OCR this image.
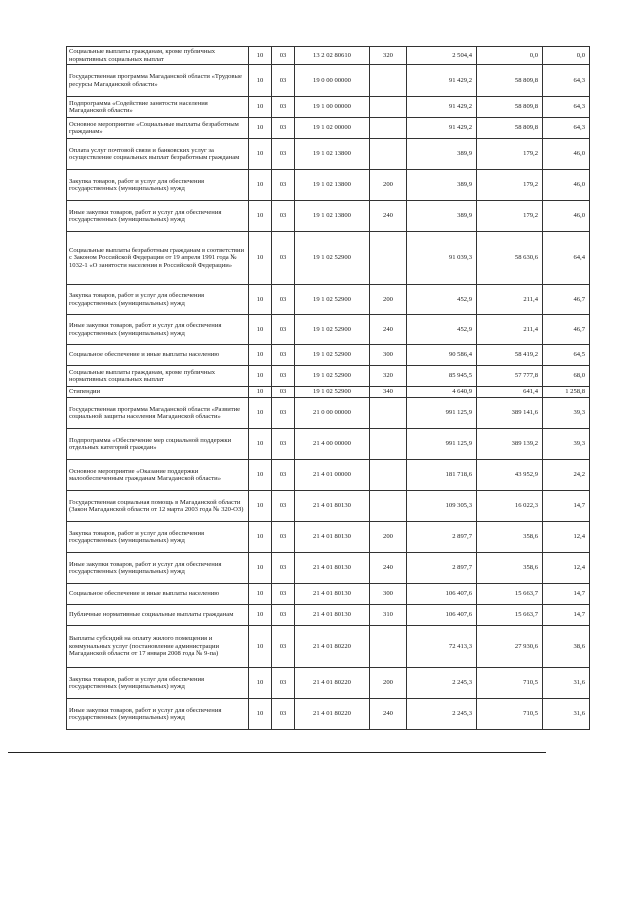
Социальные выплаты гражданам, кроме публичных нормативных социальных выплат	10	03	13 2 02 80610	320	2 504,4	0,0	0,0
Государственная программа Магаданской области «Трудовые ресурсы Магаданской области»	10	03	19 0 00 00000		91 429,2	58 809,8	64,3
Подпрограмма «Содействие занятости населения Магаданской области»	10	03	19 1 00 00000		91 429,2	58 809,8	64,3
Основное мероприятие «Социальные выплаты безработным гражданам»	10	03	19 1 02 00000		91 429,2	58 809,8	64,3
Оплата услуг почтовой связи и банковских услуг за осуществление социальных выплат безработным гражданам	10	03	19 1 02 13800		389,9	179,2	46,0
Закупка товаров, работ и услуг для обеспечения государственных (муниципальных) нужд	10	03	19 1 02 13800	200	389,9	179,2	46,0
Иные закупки товаров, работ и услуг для обеспечения государственных (муниципальных) нужд	10	03	19 1 02 13800	240	389,9	179,2	46,0
Социальные выплаты безработным гражданам в соответствии с Законом Российской Федерации от 19 апреля 1991 года № 1032-1 «О занятости населения в Российской Федерации»	10	03	19 1 02 52900		91 039,3	58 630,6	64,4
Закупка товаров, работ и услуг для обеспечения государственных (муниципальных) нужд	10	03	19 1 02 52900	200	452,9	211,4	46,7
Иные закупки товаров, работ и услуг для обеспечения государственных (муниципальных) нужд	10	03	19 1 02 52900	240	452,9	211,4	46,7
Социальное обеспечение и иные выплаты населению	10	03	19 1 02 52900	300	90 586,4	58 419,2	64,5
Социальные выплаты гражданам, кроме публичных нормативных социальных выплат	10	03	19 1 02 52900	320	85 945,5	57 777,8	68,0
Стипендии	10	03	19 1 02 52900	340	4 640,9	641,4	1 258,8
Государственная программа Магаданской области «Развитие социальной защиты населения Магаданской области»	10	03	21 0 00 00000		991 125,9	389 141,6	39,3
Подпрограмма «Обеспечение мер социальной поддержки отдельных категорий граждан»	10	03	21 4 00 00000		991 125,9	389 139,2	39,3
Основное мероприятие «Оказание поддержки малообеспеченным гражданам Магаданской области»	10	03	21 4 01 00000		181 718,6	43 952,9	24,2
Государственная социальная помощь в Магаданской области (Закон Магаданской области от 12 марта 2003 года № 320-ОЗ)	10	03	21 4 01 80130		109 305,3	16 022,3	14,7
Закупка товаров, работ и услуг для обеспечения государственных (муниципальных) нужд	10	03	21 4 01 80130	200	2 897,7	358,6	12,4
Иные закупки товаров, работ и услуг для обеспечения государственных (муниципальных) нужд	10	03	21 4 01 80130	240	2 897,7	358,6	12,4
Социальное обеспечение и иные выплаты населению	10	03	21 4 01 80130	300	106 407,6	15 663,7	14,7
Публичные нормативные социальные выплаты гражданам	10	03	21 4 01 80130	310	106 407,6	15 663,7	14,7
Выплаты субсидий на оплату жилого помещения и коммунальных услуг (постановление администрации Магаданской области от 17 января 2008 года № 9-па)	10	03	21 4 01 80220		72 413,3	27 930,6	38,6
Закупка товаров, работ и услуг для обеспечения государственных (муниципальных) нужд	10	03	21 4 01 80220	200	2 245,3	710,5	31,6
Иные закупки товаров, работ и услуг для обеспечения государственных (муниципальных) нужд	10	03	21 4 01 80220	240	2 245,3	710,5	31,6
